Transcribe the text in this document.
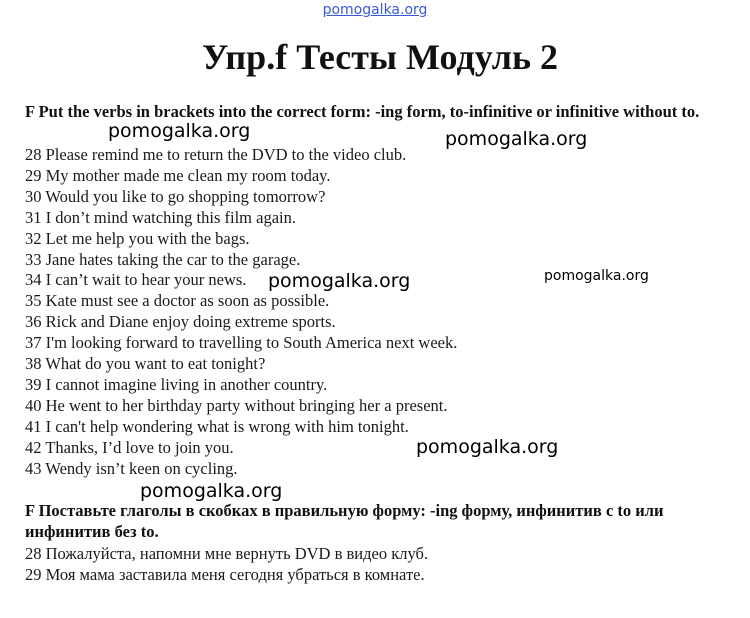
pomogalka.org
Упр.f Тесты Модуль 2
F Put the verbs in brackets into the correct form: -ing form, to-infinitive or infinitive without to.
28 Please remind me to return the DVD to the video club.
29 My mother made me clean my room today.
30 Would you like to go shopping tomorrow?
31 I don’t mind watching this film again.
32 Let me help you with the bags.
33 Jane hates taking the car to the garage.
34 I can’t wait to hear your news.
35 Kate must see a doctor as soon as possible.
36 Rick and Diane enjoy doing extreme sports.
37 I'm looking forward to travelling to South America next week.
38 What do you want to eat tonight?
39 I cannot imagine living in another country.
40 He went to her birthday party without bringing her a present.
41 I can't help wondering what is wrong with him tonight.
42 Thanks, I’d love to join you.
43 Wendy isn’t keen on cycling.
F Поставьте глаголы в скобках в правильную форму: -ing форму, инфинитив с to или инфинитив без to.
28 Пожалуйста, напомни мне вернуть DVD в видео клуб.
29 Моя мама заставила меня сегодня убраться в комнате.
pomogalka.org	pomogalka.org
pomogalka.org	pomogalka.org
pomogalka.org
pomogalka.org
